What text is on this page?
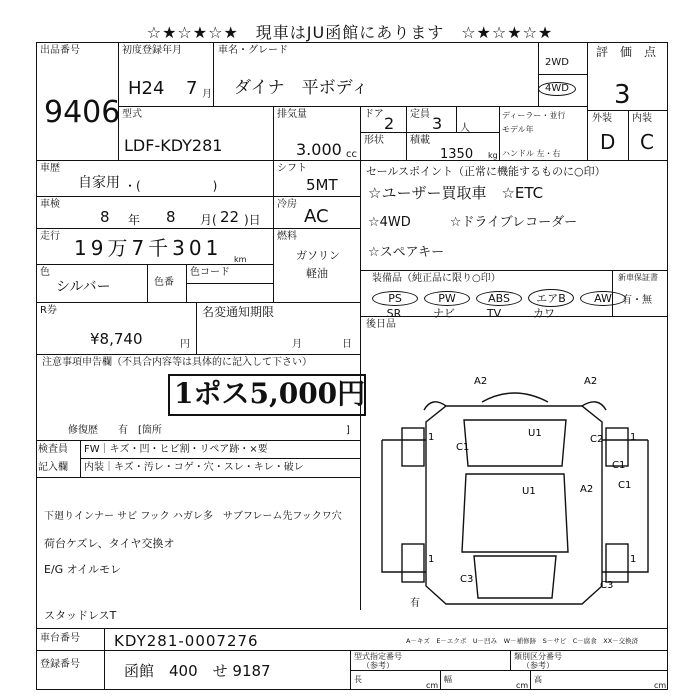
☆★☆★☆★　現車はJU函館にあります　☆★☆★☆★
出品番号
9406
初度登録年月
H24 7 月
車名・グレード
ダイナ　平ボディ
2WD
4WD
評　価　点
3
型式
LDF-KDY281
排気量
3.000 cc
ドア 2 定員 3 人
形状	積載
1350 kg
ディーラー・並行
モデル年
ハンドル 左・右
外装 内装
D C
車歴
自家用 ・(　　　　　　)
車検
8 年 8 月( 22 )日
走行 19万7千301 km
色
シルバー	色番
色コード
シフト
5MT
冷房
AC
燃料
ガソリン
軽油
R券
¥8,740	円
名変通知期限
月	日
セールスポイント（正常に機能するものに○印）
☆ユーザー買取車　☆ETC
☆4WD　　　☆ドライブレコーダー
☆スペアキー
装備品（純正品に限り○印）
PS	PW	ABS エアB	AW
SR	ナビ	TV	カワ
新車保証書
有・無
後日品
注意事項申告欄（不具合内容等は具体的に記入して下さい）
1ポス5,000円
修復歴 有　[箇所	]
検査員
記入欄
FW｜キズ・凹・ヒビ割・リペア跡・×要
内装｜キズ・汚レ・コゲ・穴・スレ・キレ・破レ
下廻りインナー サビ フック ハガレ多　サブフレーム先フックワ穴
荷台ケズレ、タイヤ交換オ
E/G オイルモレ
スタッドレスT
A2	A2
U1
C1
C2
U1	A2 C1
C1
C3
C3
1	1
1	1
有
車台番号 KDY281-0007276
登録番号	函館　400　せ 9187
A－キズ　E－エクボ　U－凹み　W－補修跡　S－サビ　C－腐食　XX－交換済
型式指定番号
（参考）
類別区分番号
（参考）
長
cm
幅
cm
高
cm
